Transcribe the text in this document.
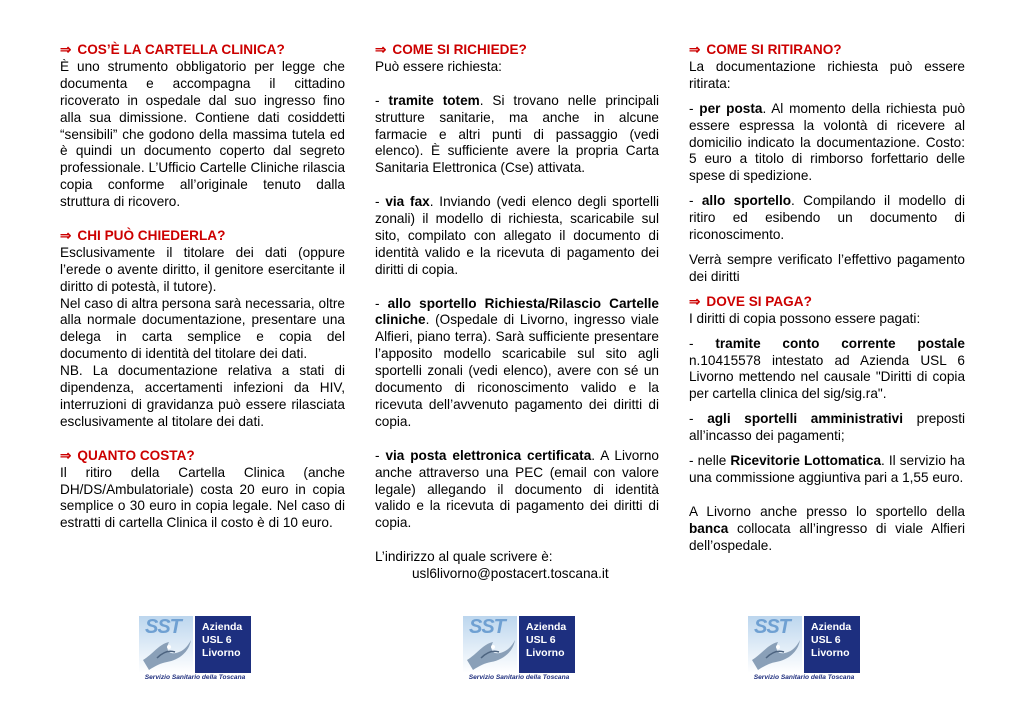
⇒ COS’È LA CARTELLA CLINICA?

È uno strumento obbligatorio per legge che documenta e accompagna il cittadino ricoverato in ospedale dal suo ingresso fino alla sua dimissione. Contiene dati cosiddetti “sensibili” che godono della massima tutela ed è quindi un documento coperto dal segreto professionale. L’Ufficio Cartelle Cliniche rilascia copia conforme all’originale tenuto dalla struttura di ricovero.

⇒ CHI PUÒ CHIEDERLA?

Esclusivamente il titolare dei dati (oppure l’erede o avente diritto, il genitore esercitante il diritto di potestà, il tutore).

Nel caso di altra persona sarà necessaria, oltre alla normale documentazione, presentare una delega in carta semplice e copia del documento di identità del titolare dei dati.

NB. La documentazione relativa a stati di dipendenza, accertamenti infezioni da HIV, interruzioni di gravidanza può essere rilasciata esclusivamente al titolare dei dati.

⇒ QUANTO COSTA?

Il ritiro della Cartella Clinica (anche DH/DS/Ambulatoriale) costa 20 euro in copia semplice o 30 euro in copia legale. Nel caso di estratti di cartella Clinica il costo è di 10 euro.

⇒ COME SI RICHIEDE?

Può essere richiesta:

- tramite totem. Si trovano nelle principali strutture sanitarie, ma anche in alcune farmacie e altri punti di passaggio (vedi elenco). È sufficiente avere la propria Carta Sanitaria Elettronica (Cse) attivata.

- via fax. Inviando (vedi elenco degli sportelli zonali) il modello di richiesta, scaricabile sul sito, compilato con allegato il documento di identità valido e la ricevuta di pagamento dei diritti di copia.

- allo sportello Richiesta/Rilascio Cartelle cliniche. (Ospedale di Livorno, ingresso viale Alfieri, piano terra). Sarà sufficiente presentare l’apposito modello scaricabile sul sito agli sportelli zonali (vedi elenco), avere con sé un documento di riconoscimento valido e la ricevuta dell’avvenuto pagamento dei diritti di copia.

- via posta elettronica certificata. A Livorno anche attraverso una PEC (email con valore legale) allegando il documento di identità valido e la ricevuta di pagamento dei diritti di copia.

L’indirizzo al quale scrivere è:

usl6livorno@postacert.toscana.it

⇒ COME SI RITIRANO?

La documentazione richiesta può essere ritirata:

- per posta. Al momento della richiesta può essere espressa la volontà di ricevere al domicilio indicato la documentazione. Costo: 5 euro a titolo di rimborso forfettario delle spese di spedizione.

- allo sportello. Compilando il modello di ritiro ed esibendo un documento di riconoscimento.

Verrà sempre verificato l’effettivo pagamento dei diritti

⇒ DOVE SI PAGA?

I diritti di copia possono essere pagati:

- tramite conto corrente postale n.10415578 intestato ad Azienda USL 6 Livorno mettendo nel causale "Diritti di copia per cartella clinica del sig/sig.ra".

- agli sportelli amministrativi preposti all’incasso dei pagamenti;

- nelle Ricevitorie Lottomatica. Il servizio ha una commissione aggiuntiva pari a 1,55 euro.

A Livorno anche presso lo sportello della banca collocata all’ingresso di viale Alfieri dell’ospedale.

SST Azienda
USL 6
Livorno
Servizio Sanitario della Toscana
SST Azienda
USL 6
Livorno
Servizio Sanitario della Toscana
SST Azienda
USL 6
Livorno
Servizio Sanitario della Toscana
